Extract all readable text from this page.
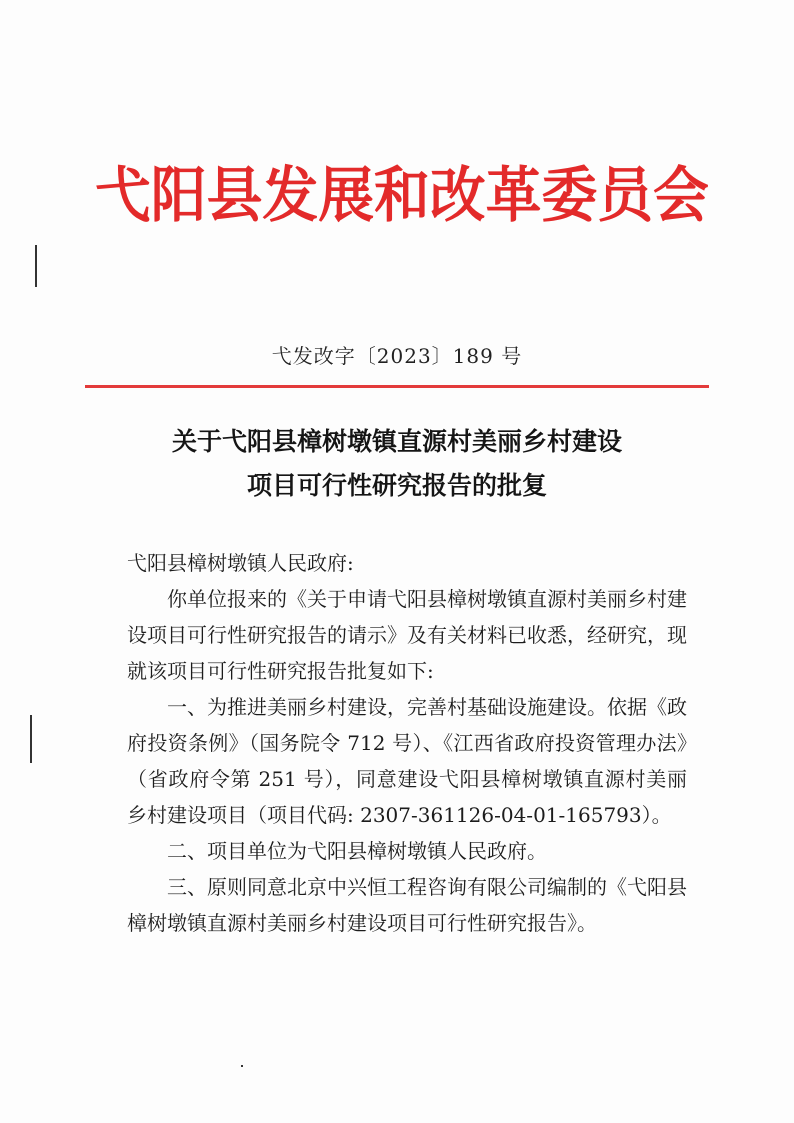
弋阳县发展和改革委员会
弋发改字〔2023〕189 号
关于弋阳县樟树墩镇直源村美丽乡村建设
项目可行性研究报告的批复

弋阳县樟树墩镇人民政府:

你单位报来的《关于申请弋阳县樟树墩镇直源村美丽乡村建设项目可行性研究报告的请示》及有关材料已收悉，经研究，现就该项目可行性研究报告批复如下:

一、为推进美丽乡村建设，完善村基础设施建设。依据《政府投资条例》（国务院令 712 号）、《江西省政府投资管理办法》（省政府令第 251 号），同意建设弋阳县樟树墩镇直源村美丽乡村建设项目（项目代码: 2307-361126-04-01-165793）。

二、项目单位为弋阳县樟树墩镇人民政府。

三、原则同意北京中兴恒工程咨询有限公司编制的《弋阳县樟树墩镇直源村美丽乡村建设项目可行性研究报告》。
